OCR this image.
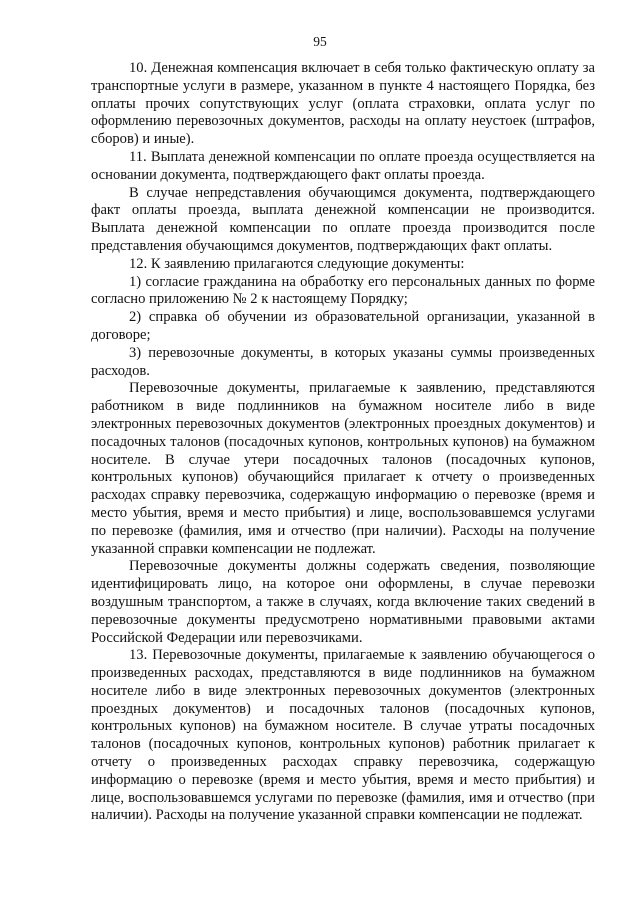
95

10. Денежная компенсация включает в себя только фактическую оплату за транспортные услуги в размере, указанном в пункте 4 настоящего Порядка, без оплаты прочих сопутствующих услуг (оплата страховки, оплата услуг по оформлению перевозочных документов, расходы на оплату неустоек (штрафов, сборов) и иные).

11. Выплата денежной компенсации по оплате проезда осуществляется на основании документа, подтверждающего факт оплаты проезда.

В случае непредставления обучающимся документа, подтверждающего факт оплаты проезда, выплата денежной компенсации не производится. Выплата денежной компенсации по оплате проезда производится после представления обучающимся документов, подтверждающих факт оплаты.

12. К заявлению прилагаются следующие документы:

1) согласие гражданина на обработку его персональных данных по форме согласно приложению № 2 к настоящему Порядку;

2) справка об обучении из образовательной организации, указанной в договоре;

3) перевозочные документы, в которых указаны суммы произведенных расходов.

Перевозочные документы, прилагаемые к заявлению, представляются работником в виде подлинников на бумажном носителе либо в виде электронных перевозочных документов (электронных проездных документов) и посадочных талонов (посадочных купонов, контрольных купонов) на бумажном носителе. В случае утери посадочных талонов (посадочных купонов, контрольных купонов) обучающийся прилагает к отчету о произведенных расходах справку перевозчика, содержащую информацию о перевозке (время и место убытия, время и место прибытия) и лице, воспользовавшемся услугами по перевозке (фамилия, имя и отчество (при наличии). Расходы на получение указанной справки компенсации не подлежат.

Перевозочные документы должны содержать сведения, позволяющие идентифицировать лицо, на которое они оформлены, в случае перевозки воздушным транспортом, а также в случаях, когда включение таких сведений в перевозочные документы предусмотрено нормативными правовыми актами Российской Федерации или перевозчиками.

13. Перевозочные документы, прилагаемые к заявлению обучающегося о произведенных расходах, представляются в виде подлинников на бумажном носителе либо в виде электронных перевозочных документов (электронных проездных документов) и посадочных талонов (посадочных купонов, контрольных купонов) на бумажном носителе. В случае утраты посадочных талонов (посадочных купонов, контрольных купонов) работник прилагает к отчету о произведенных расходах справку перевозчика, содержащую информацию о перевозке (время и место убытия, время и место прибытия) и лице, воспользовавшемся услугами по перевозке (фамилия, имя и отчество (при наличии). Расходы на получение указанной справки компенсации не подлежат.
